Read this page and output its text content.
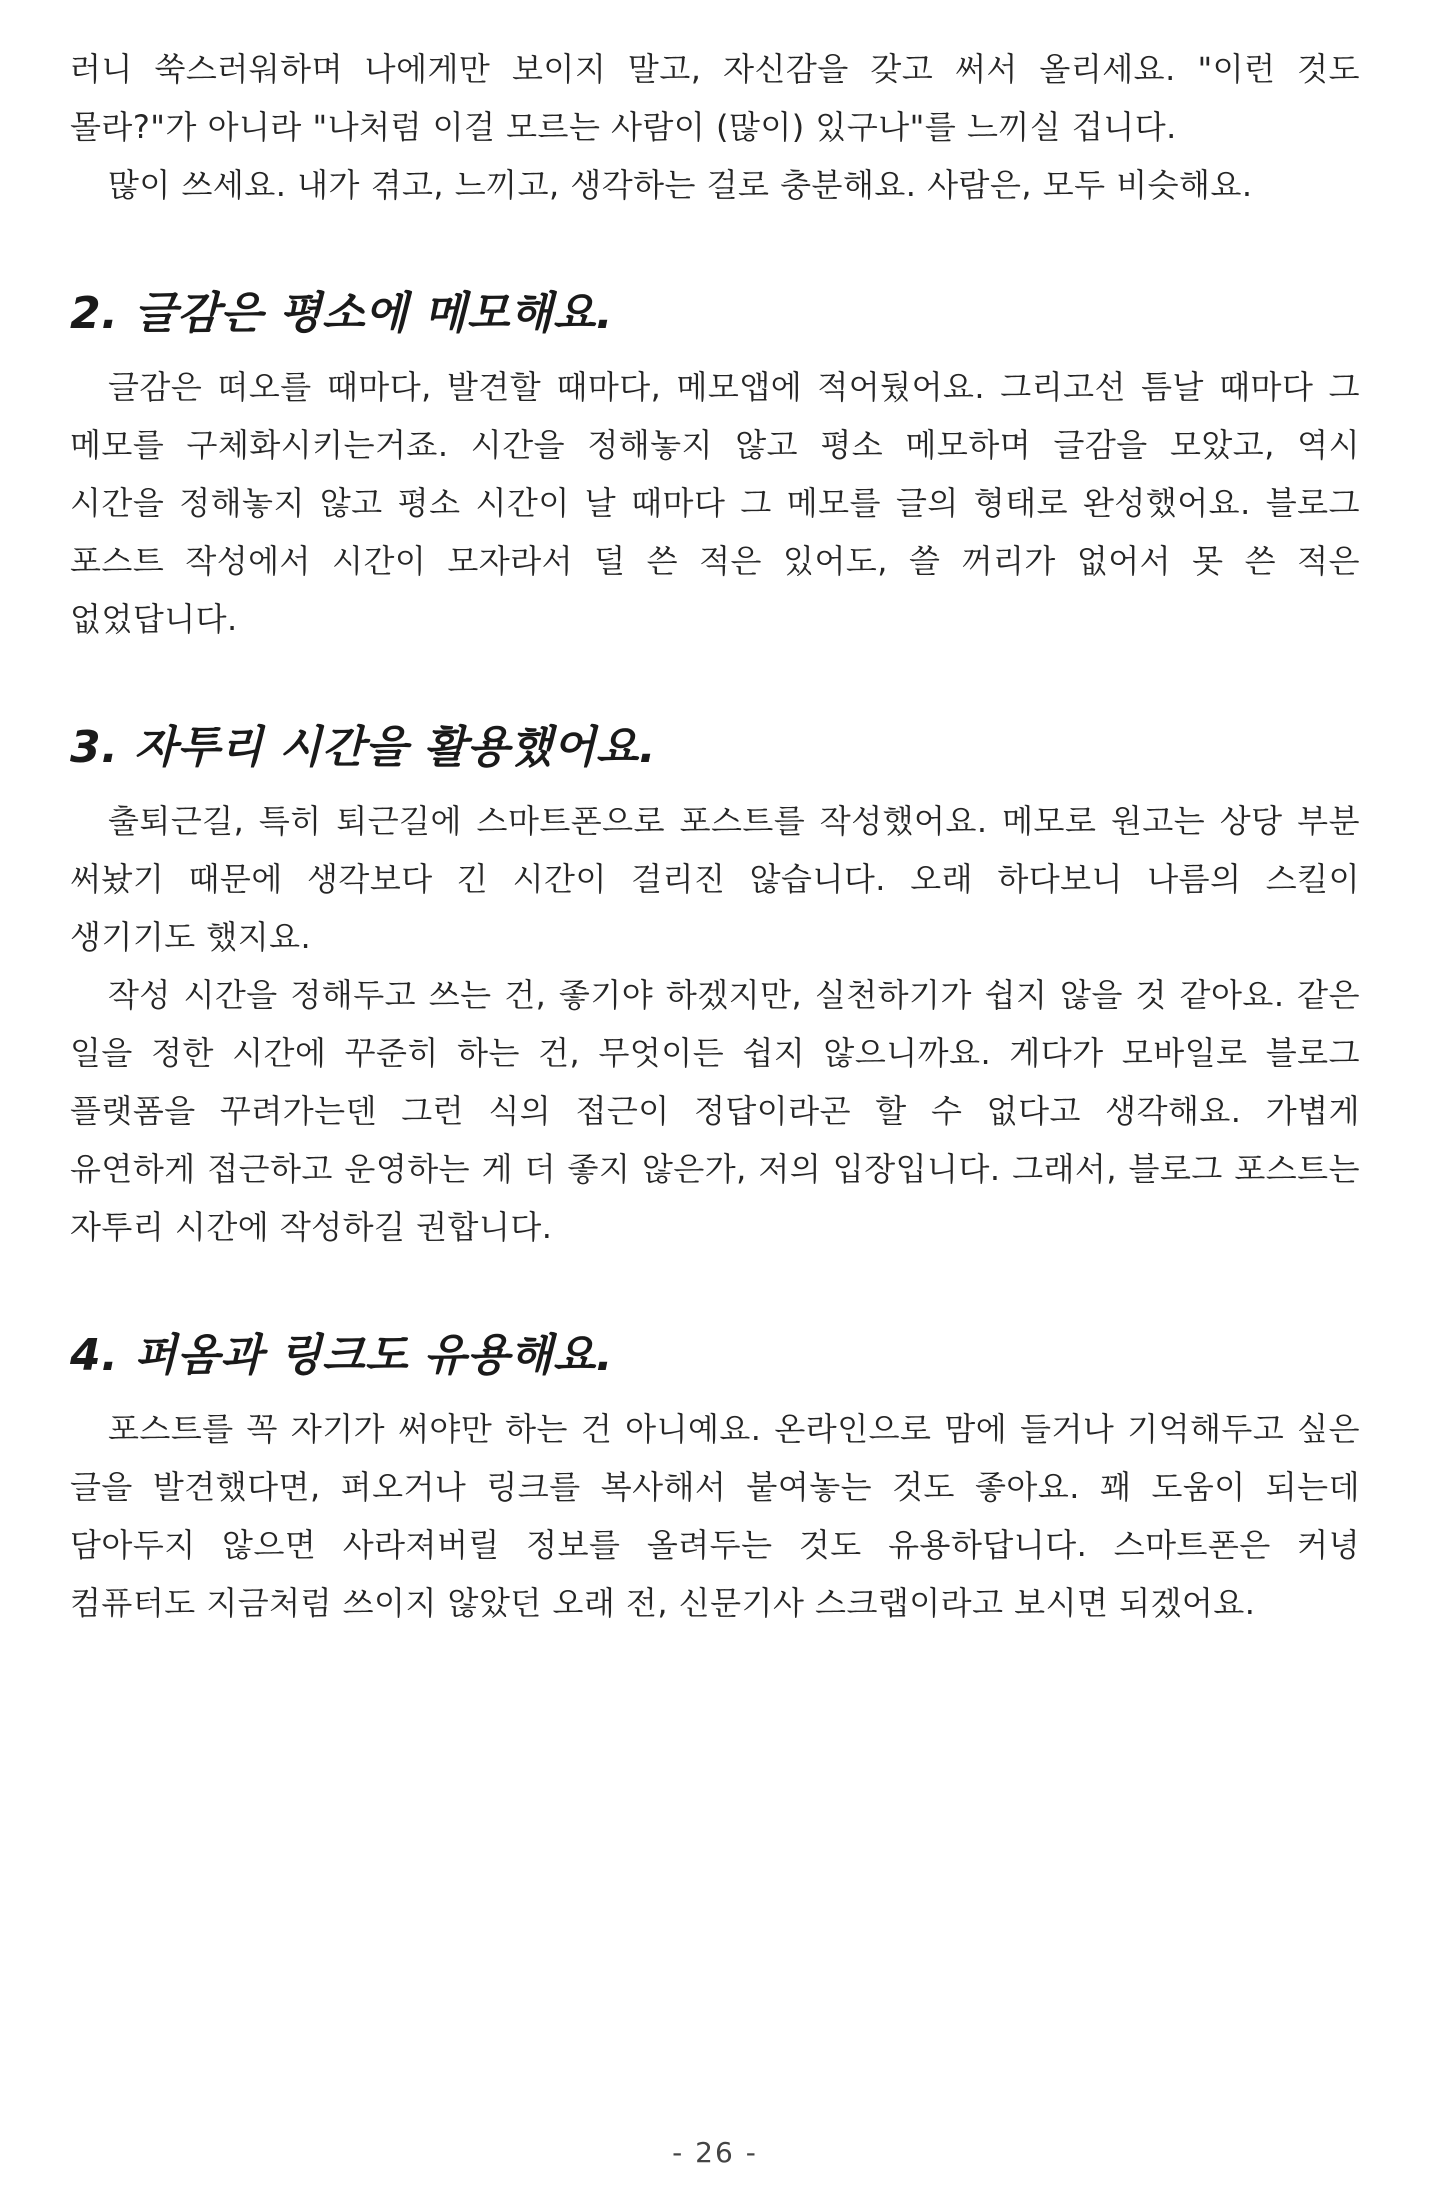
러니 쑥스러워하며 나에게만 보이지 말고, 자신감을 갖고 써서 올리세요. "이런 것도 몰라?"가 아니라 "나처럼 이걸 모르는 사람이 (많이) 있구나"를 느끼실 겁니다.

많이 쓰세요. 내가 겪고, 느끼고, 생각하는 걸로 충분해요. 사람은, 모두 비슷해요.

2. 글감은 평소에 메모해요.

글감은 떠오를 때마다, 발견할 때마다, 메모앱에 적어뒀어요. 그리고선 틈날 때마다 그 메모를 구체화시키는거죠. 시간을 정해놓지 않고 평소 메모하며 글감을 모았고, 역시 시간을 정해놓지 않고 평소 시간이 날 때마다 그 메모를 글의 형태로 완성했어요. 블로그 포스트 작성에서 시간이 모자라서 덜 쓴 적은 있어도, 쓸 꺼리가 없어서 못 쓴 적은 없었답니다.

3. 자투리 시간을 활용했어요.

출퇴근길, 특히 퇴근길에 스마트폰으로 포스트를 작성했어요. 메모로 원고는 상당 부분 써놨기 때문에 생각보다 긴 시간이 걸리진 않습니다. 오래 하다보니 나름의 스킬이 생기기도 했지요.

작성 시간을 정해두고 쓰는 건, 좋기야 하겠지만, 실천하기가 쉽지 않을 것 같아요. 같은 일을 정한 시간에 꾸준히 하는 건, 무엇이든 쉽지 않으니까요. 게다가 모바일로 블로그 플랫폼을 꾸려가는덴 그런 식의 접근이 정답이라곤 할 수 없다고 생각해요. 가볍게 유연하게 접근하고 운영하는 게 더 좋지 않은가, 저의 입장입니다. 그래서, 블로그 포스트는 자투리 시간에 작성하길 권합니다.

4. 퍼옴과 링크도 유용해요.

포스트를 꼭 자기가 써야만 하는 건 아니예요. 온라인으로 맘에 들거나 기억해두고 싶은 글을 발견했다면, 퍼오거나 링크를 복사해서 붙여놓는 것도 좋아요. 꽤 도움이 되는데 담아두지 않으면 사라져버릴 정보를 올려두는 것도 유용하답니다. 스마트폰은 커녕 컴퓨터도 지금처럼 쓰이지 않았던 오래 전, 신문기사 스크랩이라고 보시면 되겠어요.

- 26 -
